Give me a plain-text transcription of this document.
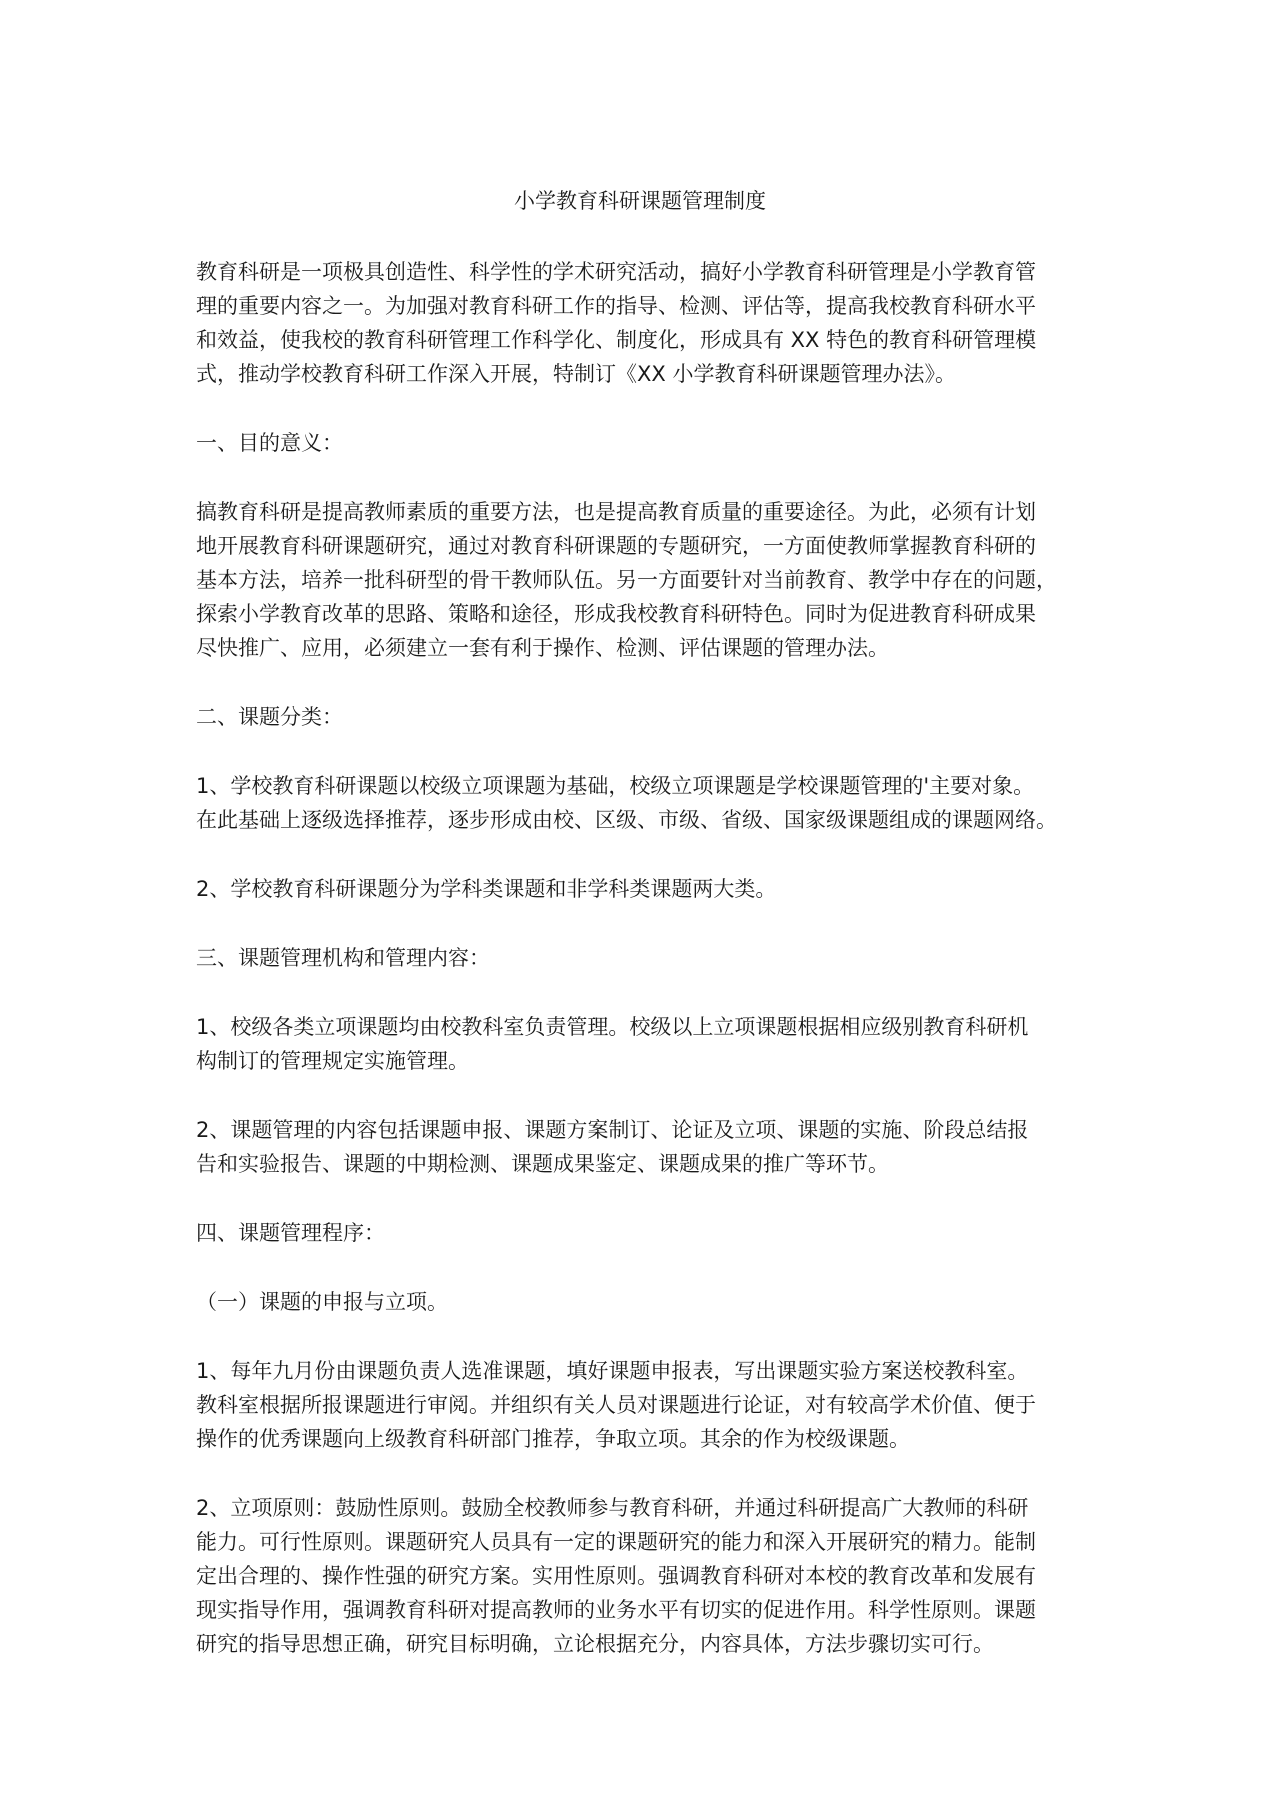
小学教育科研课题管理制度

教育科研是一项极具创造性、科学性的学术研究活动，搞好小学教育科研管理是小学教育管
理的重要内容之一。为加强对教育科研工作的指导、检测、评估等，提高我校教育科研水平
和效益，使我校的教育科研管理工作科学化、制度化，形成具有 XX 特色的教育科研管理模
式，推动学校教育科研工作深入开展，特制订《XX 小学教育科研课题管理办法》。

一、目的意义：

搞教育科研是提高教师素质的重要方法，也是提高教育质量的重要途径。为此，必须有计划
地开展教育科研课题研究，通过对教育科研课题的专题研究，一方面使教师掌握教育科研的
基本方法，培养一批科研型的骨干教师队伍。另一方面要针对当前教育、教学中存在的问题，
探索小学教育改革的思路、策略和途径，形成我校教育科研特色。同时为促进教育科研成果
尽快推广、应用，必须建立一套有利于操作、检测、评估课题的管理办法。

二、课题分类：

1、学校教育科研课题以校级立项课题为基础，校级立项课题是学校课题管理的'主要对象。
在此基础上逐级选择推荐，逐步形成由校、区级、市级、省级、国家级课题组成的课题网络。

2、学校教育科研课题分为学科类课题和非学科类课题两大类。

三、课题管理机构和管理内容：

1、校级各类立项课题均由校教科室负责管理。校级以上立项课题根据相应级别教育科研机
构制订的管理规定实施管理。

2、课题管理的内容包括课题申报、课题方案制订、论证及立项、课题的实施、阶段总结报
告和实验报告、课题的中期检测、课题成果鉴定、课题成果的推广等环节。

四、课题管理程序：
（一）课题的申报与立项。

1、每年九月份由课题负责人选准课题，填好课题申报表，写出课题实验方案送校教科室。
教科室根据所报课题进行审阅。并组织有关人员对课题进行论证，对有较高学术价值、便于
操作的优秀课题向上级教育科研部门推荐，争取立项。其余的作为校级课题。

2、立项原则：鼓励性原则。鼓励全校教师参与教育科研，并通过科研提高广大教师的科研
能力。可行性原则。课题研究人员具有一定的课题研究的能力和深入开展研究的精力。能制
定出合理的、操作性强的研究方案。实用性原则。强调教育科研对本校的教育改革和发展有
现实指导作用，强调教育科研对提高教师的业务水平有切实的促进作用。科学性原则。课题
研究的指导思想正确，研究目标明确，立论根据充分，内容具体，方法步骤切实可行。
